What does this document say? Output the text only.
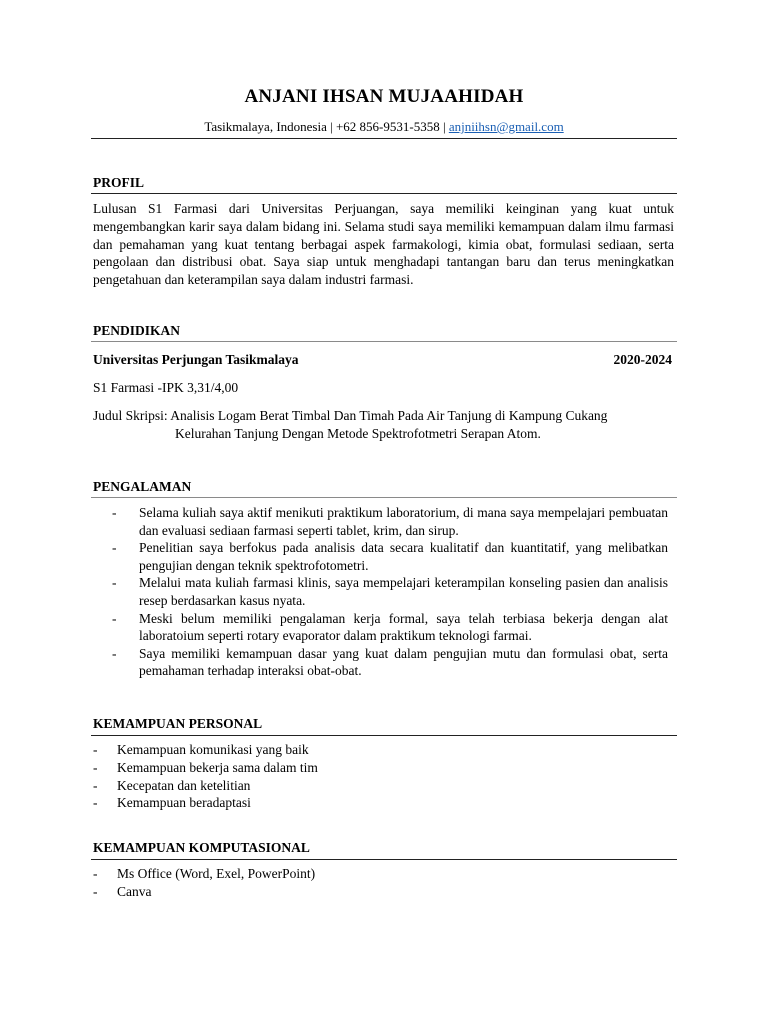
ANJANI IHSAN MUJAAHIDAH
Tasikmalaya, Indonesia | +62 856-9531-5358 | anjniihsn@gmail.com
PROFIL
Lulusan S1 Farmasi dari Universitas Perjuangan, saya memiliki keinginan yang kuat untuk mengembangkan karir saya dalam bidang ini. Selama studi saya memiliki kemampuan dalam ilmu farmasi dan pemahaman yang kuat tentang berbagai aspek farmakologi, kimia obat, formulasi sediaan, serta pengolaan dan distribusi obat. Saya siap untuk menghadapi tantangan baru dan terus meningkatkan pengetahuan dan keterampilan saya dalam industri farmasi.
PENDIDIKAN
Universitas Perjungan Tasikmalaya	2020-2024
S1 Farmasi -IPK 3,31/4,00
Judul Skripsi: Analisis Logam Berat Timbal Dan Timah Pada Air Tanjung di Kampung Cukang
Kelurahan Tanjung Dengan Metode Spektrofotmetri Serapan Atom.
PENGALAMAN
- Selama kuliah saya aktif menikuti praktikum laboratorium, di mana saya mempelajari pembuatan dan evaluasi sediaan farmasi seperti tablet, krim, dan sirup.
- Penelitian saya berfokus pada analisis data secara kualitatif dan kuantitatif, yang melibatkan pengujian dengan teknik spektrofotometri.
- Melalui mata kuliah farmasi klinis, saya mempelajari keterampilan konseling pasien dan analisis resep berdasarkan kasus nyata.
- Meski belum memiliki pengalaman kerja formal, saya telah terbiasa bekerja dengan alat laboratoium seperti rotary evaporator dalam praktikum teknologi farmai.
- Saya memiliki kemampuan dasar yang kuat dalam pengujian mutu dan formulasi obat, serta pemahaman terhadap interaksi obat-obat.
KEMAMPUAN PERSONAL
- Kemampuan komunikasi yang baik
- Kemampuan bekerja sama dalam tim
- Kecepatan dan ketelitian
- Kemampuan beradaptasi
KEMAMPUAN KOMPUTASIONAL
- Ms Office (Word, Exel, PowerPoint)
- Canva
